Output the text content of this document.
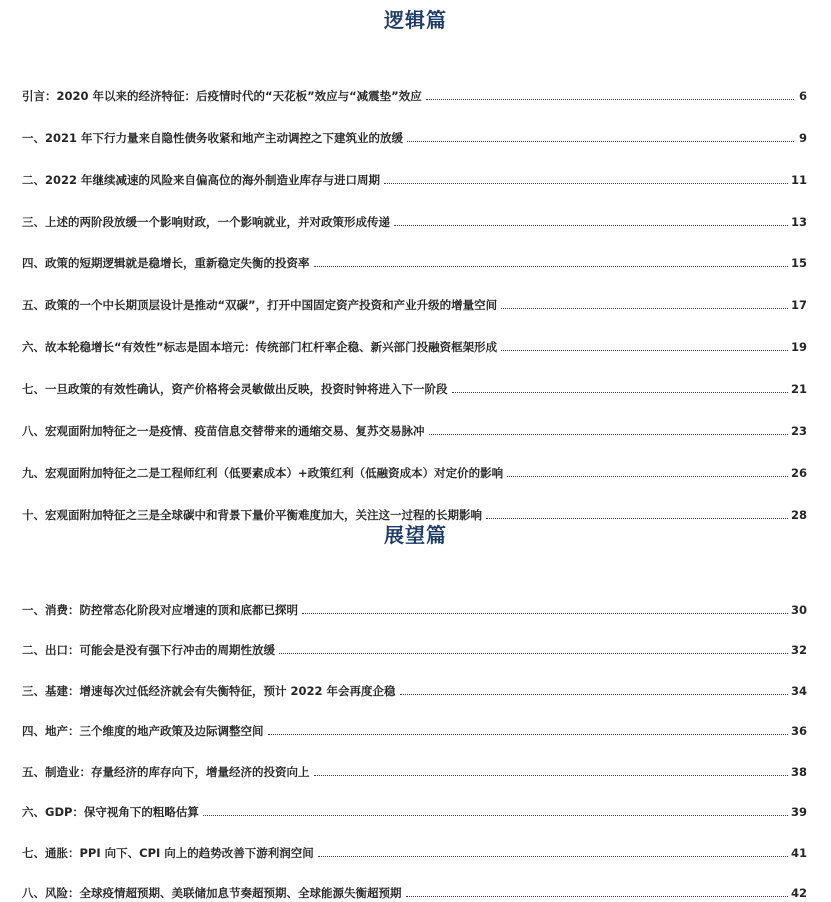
逻辑篇
引言：2020 年以来的经济特征：后疫情时代的“天花板”效应与“减震垫”效应	6
一、2021 年下行力量来自隐性债务收紧和地产主动调控之下建筑业的放缓	9
二、2022 年继续减速的风险来自偏高位的海外制造业库存与进口周期	11
三、上述的两阶段放缓一个影响财政，一个影响就业，并对政策形成传递	13
四、政策的短期逻辑就是稳增长，重新稳定失衡的投资率	15
五、政策的一个中长期顶层设计是推动“双碳”，打开中国固定资产投资和产业升级的增量空间	17
六、故本轮稳增长“有效性”标志是固本培元：传统部门杠杆率企稳、新兴部门投融资框架形成	19
七、一旦政策的有效性确认，资产价格将会灵敏做出反映，投资时钟将进入下一阶段	21
八、宏观面附加特征之一是疫情、疫苗信息交替带来的通缩交易、复苏交易脉冲	23
九、宏观面附加特征之二是工程师红利（低要素成本）+政策红利（低融资成本）对定价的影响	26
十、宏观面附加特征之三是全球碳中和背景下量价平衡难度加大，关注这一过程的长期影响	28
展望篇
一、消费：防控常态化阶段对应增速的顶和底都已探明	30
二、出口：可能会是没有强下行冲击的周期性放缓	32
三、基建：增速每次过低经济就会有失衡特征，预计 2022 年会再度企稳	34
四、地产：三个维度的地产政策及边际调整空间	36
五、制造业：存量经济的库存向下，增量经济的投资向上	38
六、GDP：保守视角下的粗略估算	39
七、通胀：PPI 向下、CPI 向上的趋势改善下游利润空间	41
八、风险：全球疫情超预期、美联储加息节奏超预期、全球能源失衡超预期	42
